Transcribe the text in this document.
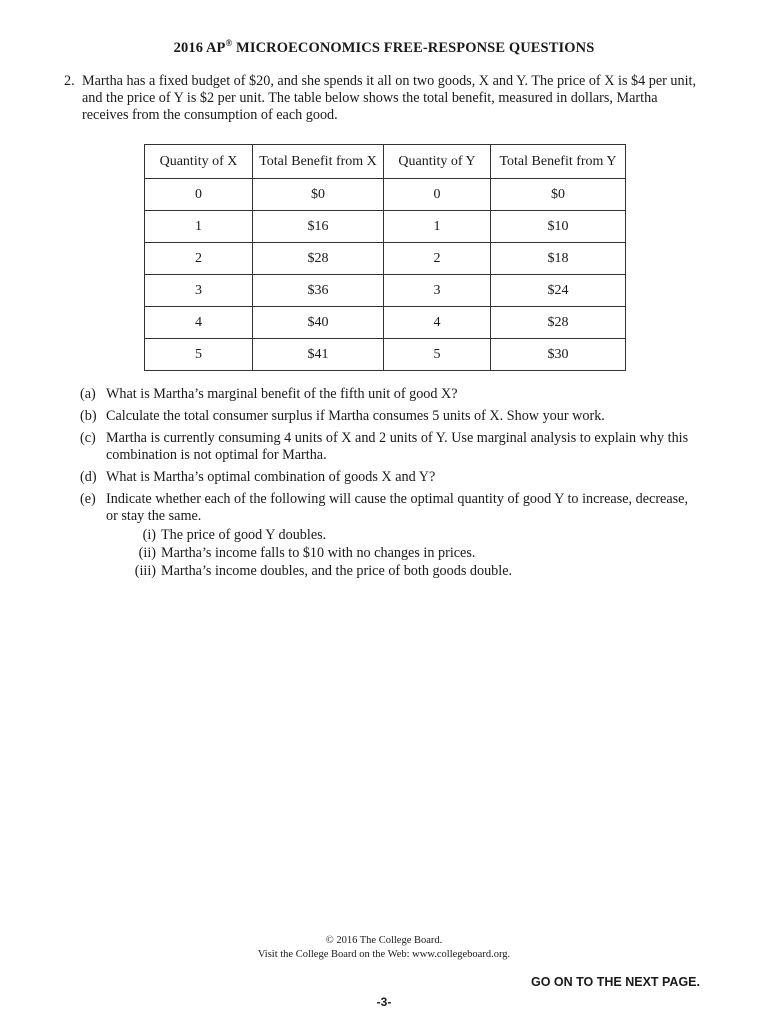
2016 AP® MICROECONOMICS FREE-RESPONSE QUESTIONS
2. Martha has a fixed budget of $20, and she spends it all on two goods, X and Y. The price of X is $4 per unit, and the price of Y is $2 per unit. The table below shows the total benefit, measured in dollars, Martha receives from the consumption of each good.
Quantity of X	Total Benefit from X	Quantity of Y	Total Benefit from Y
0	$0	0	$0
1	$16	1	$10
2	$28	2	$18
3	$36	3	$24
4	$40	4	$28
5	$41	5	$30
(a) What is Martha’s marginal benefit of the fifth unit of good X?
(b) Calculate the total consumer surplus if Martha consumes 5 units of X. Show your work.
(c) Martha is currently consuming 4 units of X and 2 units of Y. Use marginal analysis to explain why this combination is not optimal for Martha.
(d) What is Martha’s optimal combination of goods X and Y?
(e) Indicate whether each of the following will cause the optimal quantity of good Y to increase, decrease, or stay the same.
(i) The price of good Y doubles.
(ii) Martha’s income falls to $10 with no changes in prices.
(iii) Martha’s income doubles, and the price of both goods double.
© 2016 The College Board.
Visit the College Board on the Web: www.collegeboard.org.
GO ON TO THE NEXT PAGE.
-3-
